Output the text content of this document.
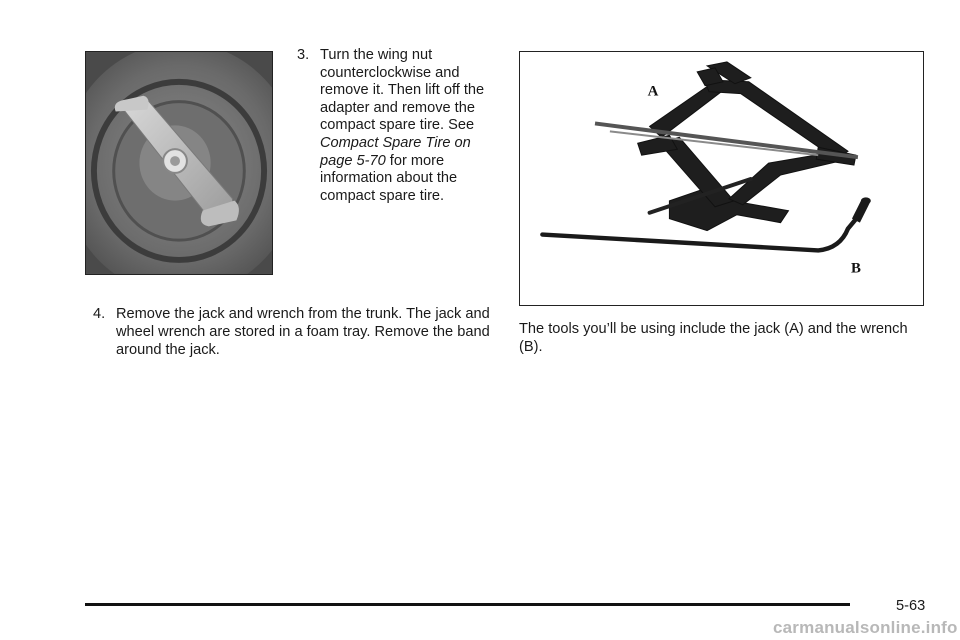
3. Turn the wing nut counterclockwise and remove it. Then lift off the adapter and remove the compact spare tire. See Compact Spare Tire on page 5-70 for more information about the compact spare tire.
4. Remove the jack and wrench from the trunk. The jack and wheel wrench are stored in a foam tray. Remove the band around the jack.
A
B
The tools you’ll be using include the jack (A) and the wrench (B).
5-63
carmanualsonline.info
